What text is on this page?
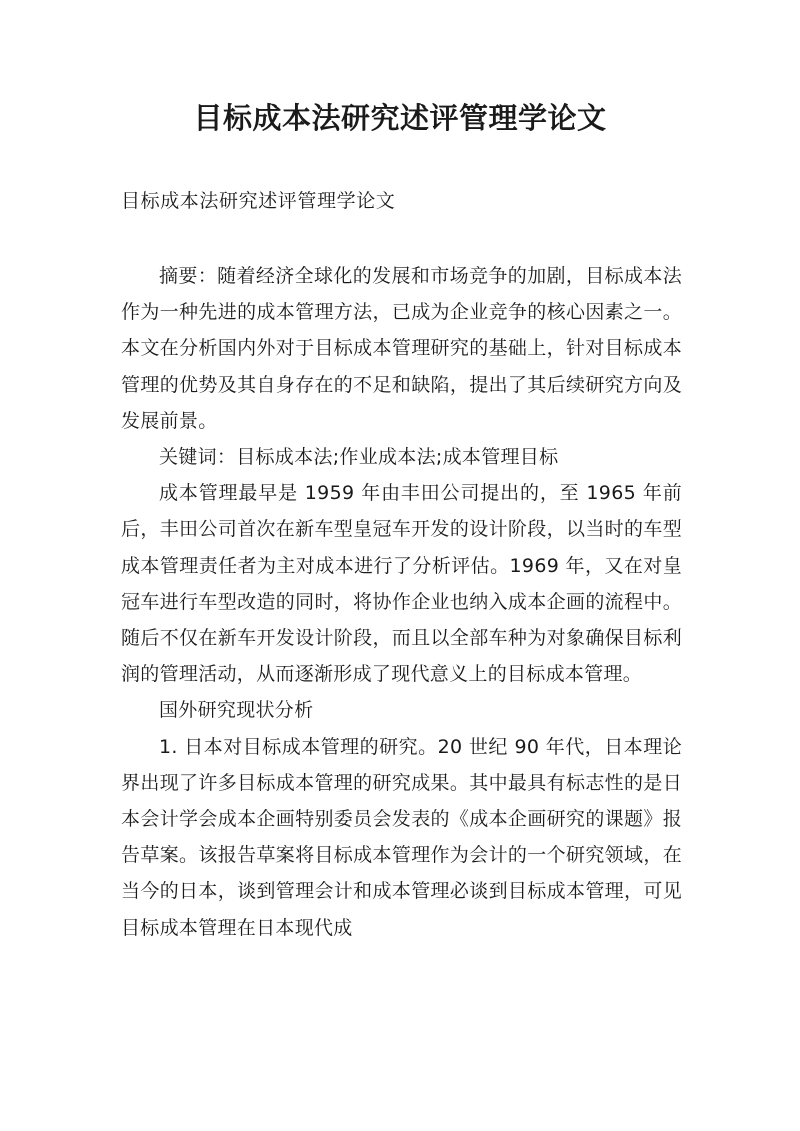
目标成本法研究述评管理学论文

目标成本法研究述评管理学论文

摘要：随着经济全球化的发展和市场竞争的加剧，目标成本法作为一种先进的成本管理方法，已成为企业竞争的核心因素之一。本文在分析国内外对于目标成本管理研究的基础上，针对目标成本管理的优势及其自身存在的不足和缺陷，提出了其后续研究方向及发展前景。

关键词：目标成本法;作业成本法;成本管理目标

成本管理最早是 1959 年由丰田公司提出的，至 1965 年前后，丰田公司首次在新车型皇冠车开发的设计阶段，以当时的车型成本管理责任者为主对成本进行了分析评估。1969 年，又在对皇冠车进行车型改造的同时，将协作企业也纳入成本企画的流程中。随后不仅在新车开发设计阶段，而且以全部车种为对象确保目标利润的管理活动，从而逐渐形成了现代意义上的目标成本管理。

国外研究现状分析

1. 日本对目标成本管理的研究。20 世纪 90 年代，日本理论界出现了许多目标成本管理的研究成果。其中最具有标志性的是日本会计学会成本企画特别委员会发表的《成本企画研究的课题》报告草案。该报告草案将目标成本管理作为会计的一个研究领域，在当今的日本，谈到管理会计和成本管理必谈到目标成本管理，可见目标成本管理在日本现代成
